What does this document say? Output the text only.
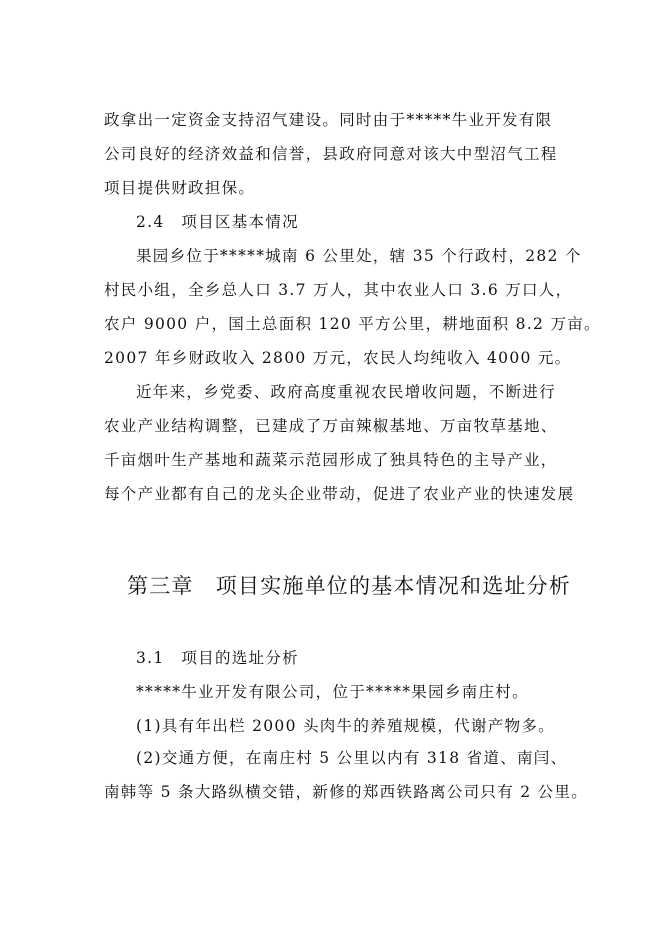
政拿出一定资金支持沼气建设。同时由于*****牛业开发有限
公司良好的经济效益和信誉，县政府同意对该大中型沼气工程
项目提供财政担保。
2.4　项目区基本情况
果园乡位于*****城南 6 公里处，辖 35 个行政村，282 个
村民小组，全乡总人口 3.7 万人，其中农业人口 3.6 万口人，
农户 9000 户，国土总面积 120 平方公里，耕地面积 8.2 万亩。
2007 年乡财政收入 2800 万元，农民人均纯收入 4000 元。
近年来，乡党委、政府高度重视农民增收问题，不断进行
农业产业结构调整，已建成了万亩辣椒基地、万亩牧草基地、
千亩烟叶生产基地和蔬菜示范园形成了独具特色的主导产业，
每个产业都有自己的龙头企业带动，促进了农业产业的快速发展
第三章　项目实施单位的基本情况和选址分析
3.1　项目的选址分析
*****牛业开发有限公司，位于*****果园乡南庄村。
(1)具有年出栏 2000 头肉牛的养殖规模，代谢产物多。
(2)交通方便，在南庄村 5 公里以内有 318 省道、南闫、
南韩等 5 条大路纵横交错，新修的郑西铁路离公司只有 2 公里。
